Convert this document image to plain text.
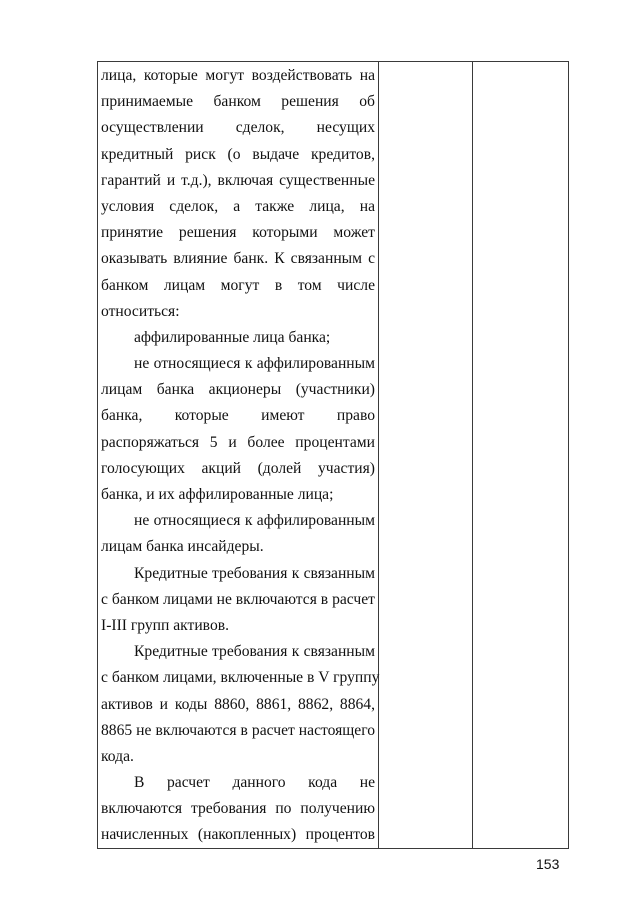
лица, которые могут воздействовать на
принимаемые банком решения об
осуществлении сделок, несущих
кредитный риск (о выдаче кредитов,
гарантий и т.д.), включая существенные
условия сделок, а также лица, на
принятие решения которыми может
оказывать влияние банк. К связанным с
банком лицам могут в том числе
относиться:
аффилированные лица банка;
не относящиеся к аффилированным
лицам банка акционеры (участники)
банка, которые имеют право
распоряжаться 5 и более процентами
голосующих акций (долей участия)
банка, и их аффилированные лица;
не относящиеся к аффилированным
лицам банка инсайдеры.
Кредитные требования к связанным
с банком лицами не включаются в расчет
I-III групп активов.
Кредитные требования к связанным
с банком лицами, включенные в V группу
активов и коды 8860, 8861, 8862, 8864,
8865 не включаются в расчет настоящего
кода.
В расчет данного кода не
включаются требования по получению
начисленных (накопленных) процентов
153
